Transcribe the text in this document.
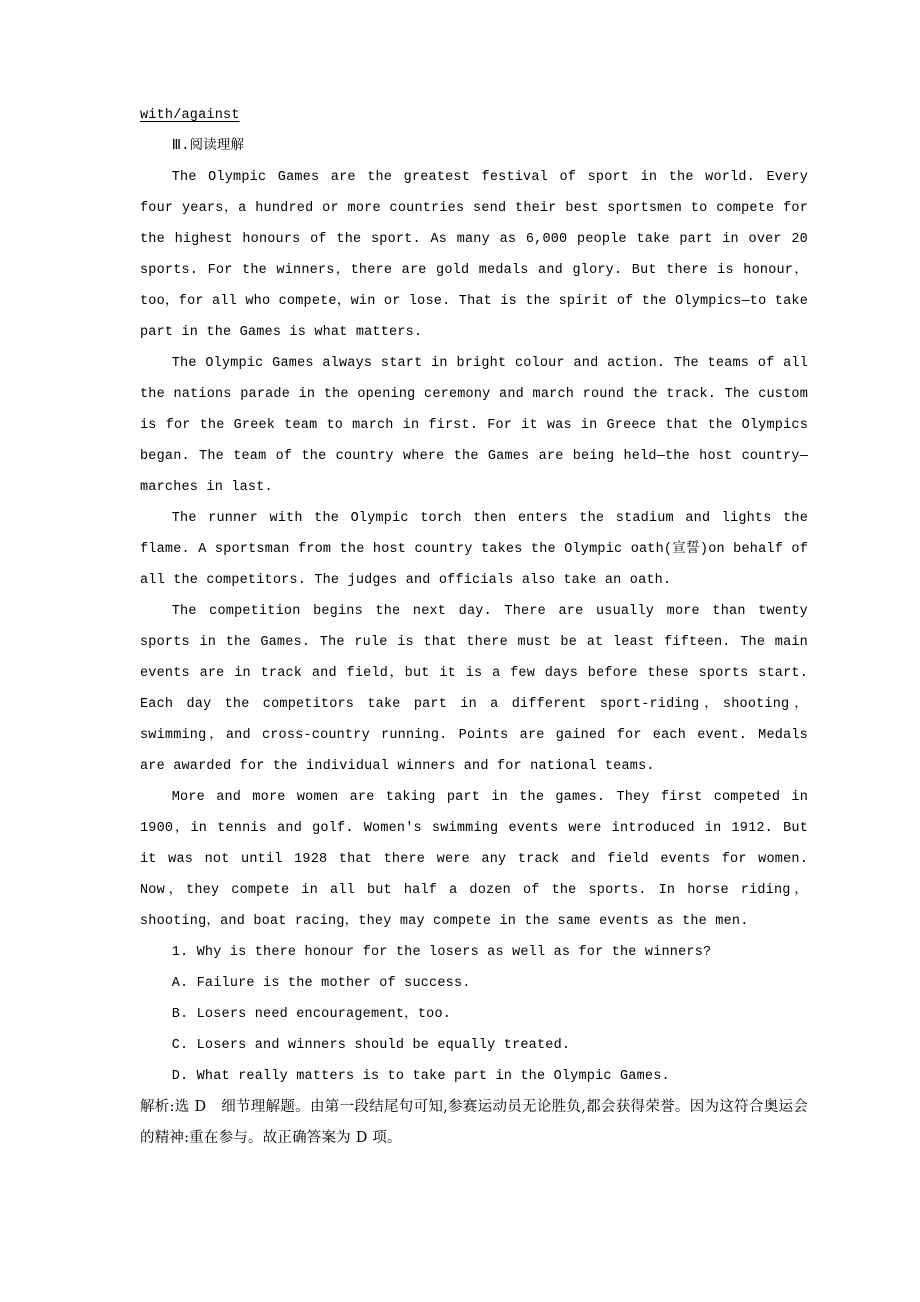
with/against

Ⅲ.阅读理解

The Olympic Games are the greatest festival of sport in the world. Every four years，a hundred or more countries send their best sportsmen to compete for the highest honours of the sport. As many as 6,000 people take part in over 20 sports. For the winners，there are gold medals and glory. But there is honour，too，for all who compete，win or lose. That is the spirit of the Olympics—to take part in the Games is what matters.

The Olympic Games always start in bright colour and action. The teams of all the nations parade in the opening ceremony and march round the track. The custom is for the Greek team to march in first. For it was in Greece that the Olympics began. The team of the country where the Games are being held—the host country—marches in last.

The runner with the Olympic torch then enters the stadium and lights the flame. A sportsman from the host country takes the Olympic oath(宣誓)on behalf of all the competitors. The judges and officials also take an oath.

The competition begins the next day. There are usually more than twenty sports in the Games. The rule is that there must be at least fifteen. The main events are in track and field，but it is a few days before these sports start. Each day the competitors take part in a different sport-riding，shooting，swimming，and cross-country running. Points are gained for each event. Medals are awarded for the individual winners and for national teams.

More and more women are taking part in the games. They first competed in 1900，in tennis and golf. Women's swimming events were introduced in 1912. But it was not until 1928 that there were any track and field events for women. Now，they compete in all but half a dozen of the sports. In horse riding，shooting，and boat racing，they may compete in the same events as the men.

1. Why is there honour for the losers as well as for the winners?

A. Failure is the mother of success.

B. Losers need encouragement，too.

C. Losers and winners should be equally treated.

D. What really matters is to take part in the Olympic Games.

解析:选 D　细节理解题。由第一段结尾句可知,参赛运动员无论胜负,都会获得荣誉。因为这符合奥运会的精神:重在参与。故正确答案为 D 项。
